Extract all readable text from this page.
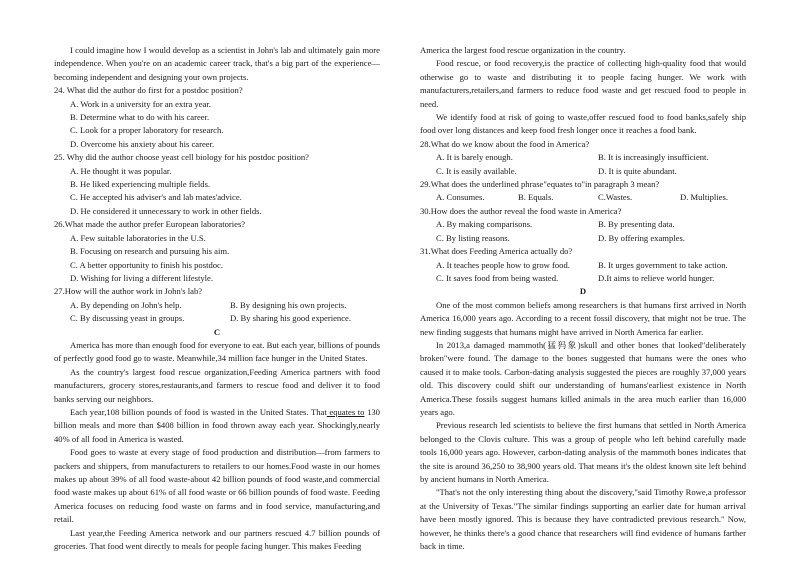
I could imagine how I would develop as a scientist in John's lab and ultimately gain more independence. When you're on an academic career track, that's a big part of the experience—becoming independent and designing your own projects.

24. What did the author do first for a postdoc position?

A. Work in a university for an extra year.

B. Determine what to do with his career.

C. Look for a proper laboratory for research.

D. Overcome his anxiety about his career.

25. Why did the author choose yeast cell biology for his postdoc position?

A. He thought it was popular.

B. He liked experiencing multiple fields.

C. He accepted his adviser's and lab mates'advice.

D. He considered it unnecessary to work in other fields.

26.What made the author prefer European laboratories?

A. Few suitable laboratories in the U.S.

B. Focusing on research and pursuing his aim.

C. A better opportunity to finish his postdoc.

D. Wishing for living a different lifestyle.

27.How will the author work in John's lab?

A. By depending on John's help.	B. By designing his own projects.
C. By discussing yeast in groups.	D. By sharing his good experience.

C

America has more than enough food for everyone to eat. But each year, billions of pounds of perfectly good food go to waste. Meanwhile,34 million face hunger in the United States.

As the country's largest food rescue organization,Feeding America partners with food manufacturers, grocery stores,restaurants,and farmers to rescue food and deliver it to food banks serving our neighbors.

Each year,108 billion pounds of food is wasted in the United States. That equates to 130 billion meals and more than $408 billion in food thrown away each year. Shockingly,nearly 40% of all food in America is wasted.

Food goes to waste at every stage of food production and distribution—from farmers to packers and shippers, from manufacturers to retailers to our homes.Food waste in our homes makes up about 39% of all food waste-about 42 billion pounds of food waste,and commercial food waste makes up about 61% of all food waste or 66 billion pounds of food waste. Feeding America focuses on reducing food waste on farms and in food service, manufacturing,and retail.

Last year,the Feeding America network and our partners rescued 4.7 billion pounds of groceries. That food went directly to meals for people facing hunger. This makes Feeding

America the largest food rescue organization in the country.

Food rescue, or food recovery,is the practice of collecting high-quality food that would otherwise go to waste and distributing it to people facing hunger. We work with manufacturers,retailers,and farmers to reduce food waste and get rescued food to people in need.

We identify food at risk of going to waste,offer rescued food to food banks,safely ship food over long distances and keep food fresh longer once it reaches a food bank.

28.What do we know about the food in America?

A. It is barely enough.	B. It is increasingly insufficient.
C. It is easily available.	D. It is quite abundant.

29.What does the underlined phrase"equates to"in paragraph 3 mean?

A. Consumes.	B. Equals.	C.Wastes.	D. Multiplies.

30.How does the author reveal the food waste in America?

A. By making comparisons.	B. By presenting data.
C. By listing reasons.	D. By offering examples.

31.What does Feeding America actually do?

A. It teaches people how to grow food.	B. It urges government to take action.
C. It saves food from being wasted.	D.It aims to relieve world hunger.

D

One of the most common beliefs among researchers is that humans first arrived in North America 16,000 years ago. According to a recent fossil discovery, that might not be true. The new finding suggests that humans might have arrived in North America far earlier.

In 2013,a damaged mammoth(猛犸象)skull and other bones that looked"deliberately broken"were found. The damage to the bones suggested that humans were the ones who caused it to make tools. Carbon-dating analysis suggested the pieces are roughly 37,000 years old. This discovery could shift our understanding of humans'earliest existence in North America.These fossils suggest humans killed animals in the area much earlier than 16,000 years ago.

Previous research led scientists to believe the first humans that settled in North America belonged to the Clovis culture. This was a group of people who left behind carefully made tools 16,000 years ago. However, carbon-dating analysis of the mammoth bones indicates that the site is around 36,250 to 38,900 years old. That means it's the oldest known site left behind by ancient humans in North America.

"That's not the only interesting thing about the discovery,"said Timothy Rowe,a professor at the University of Texas."The similar findings supporting an earlier date for human arrival have been mostly ignored. This is because they have contradicted previous research." Now, however, he thinks there's a good chance that researchers will find evidence of humans farther back in time.
